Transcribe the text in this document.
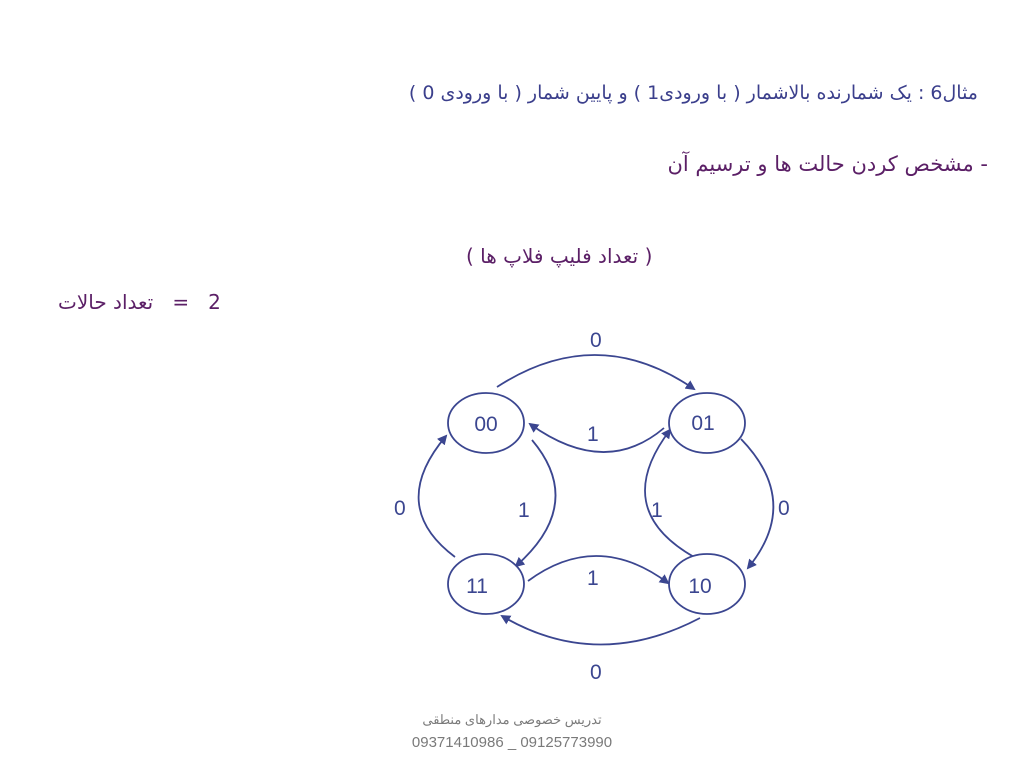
مثال6 : یک شمارنده بالاشمار ( با ورودی1 ) و پایین شمار ( با ورودی 0 )
- مشخص کردن حالت ها و ترسیم آن
( تعداد فلیپ فلاپ ها )
تعداد حالات = 2
0
1
0
1
0
1
0	1
00	01
10
11
تدریس خصوصی مدارهای منطقی
09371410986 _ 09125773990
